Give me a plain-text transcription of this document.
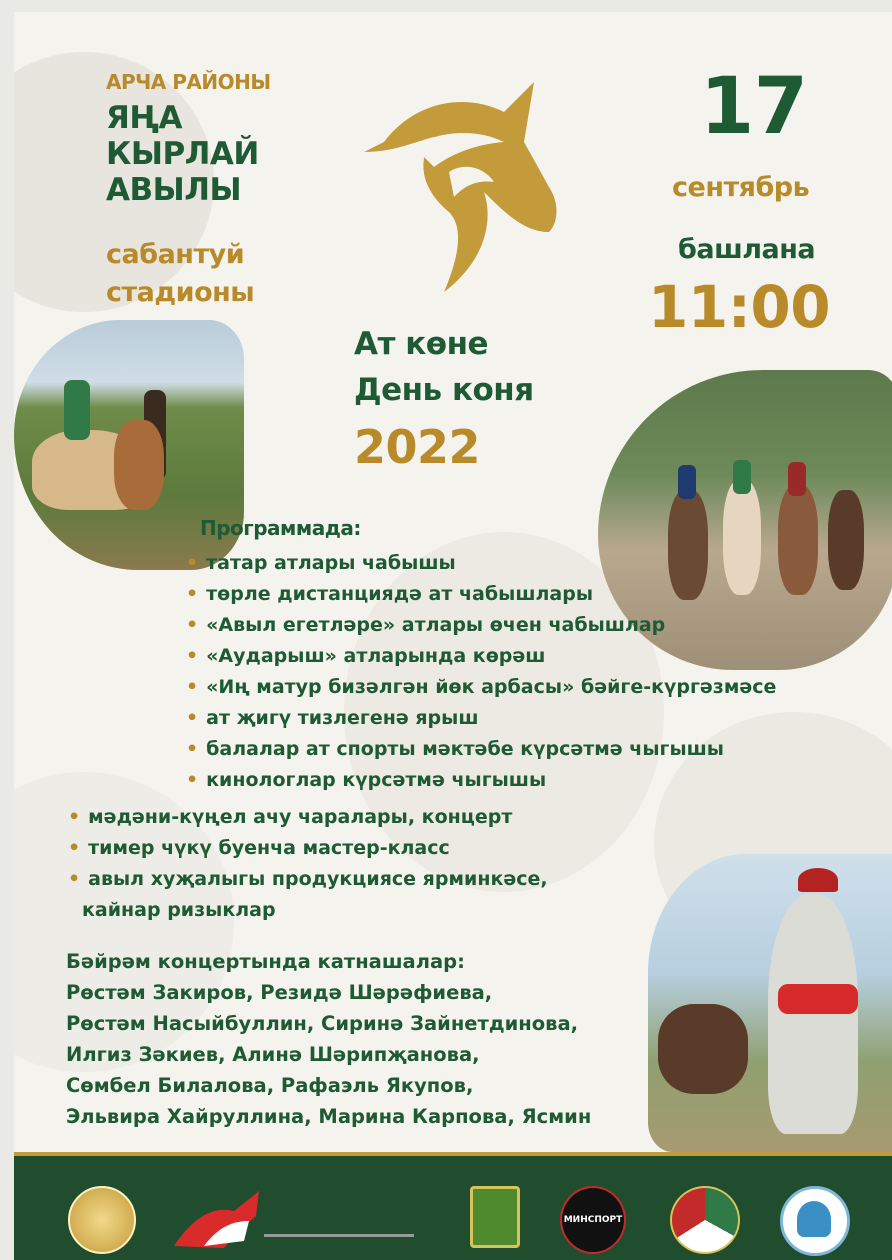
АРЧА РАЙОНЫ
ЯҢА
КЫРЛАЙ
АВЫЛЫ
сабантуй
стадионы
17
сентябрь
башлана
11:00
Ат көне
День коня
2022
Программада:
• татар атлары чабышы
• төрле дистанциядә ат чабышлары
• «Авыл егетләре» атлары өчен чабышлар
• «Аударыш» атларында көрәш
• «Иң матур бизәлгән йөк арбасы» бәйге-күргәзмәсе
• ат җигү тизлегенә ярыш
• балалар ат спорты мәктәбе күрсәтмә чыгышы
• кинологлар күрсәтмә чыгышы
• мәдәни-күңел ачу чаралары, концерт
• тимер чүкү буенча мастер-класс
• авыл хуҗалыгы продукциясе ярминкәсе,
кайнар ризыклар
Бәйрәм концертында катнашалар:
Рөстәм Закиров, Резидә Шәрәфиева,
Рөстәм Насыйбуллин, Сиринә Зайнетдинова,
Илгиз Зәкиев, Алинә Шәрипҗанова,
Сөмбел Билалова, Рафаэль Якупов,
Эльвира Хайруллина, Марина Карпова, Ясмин
МИНСПОРТ
